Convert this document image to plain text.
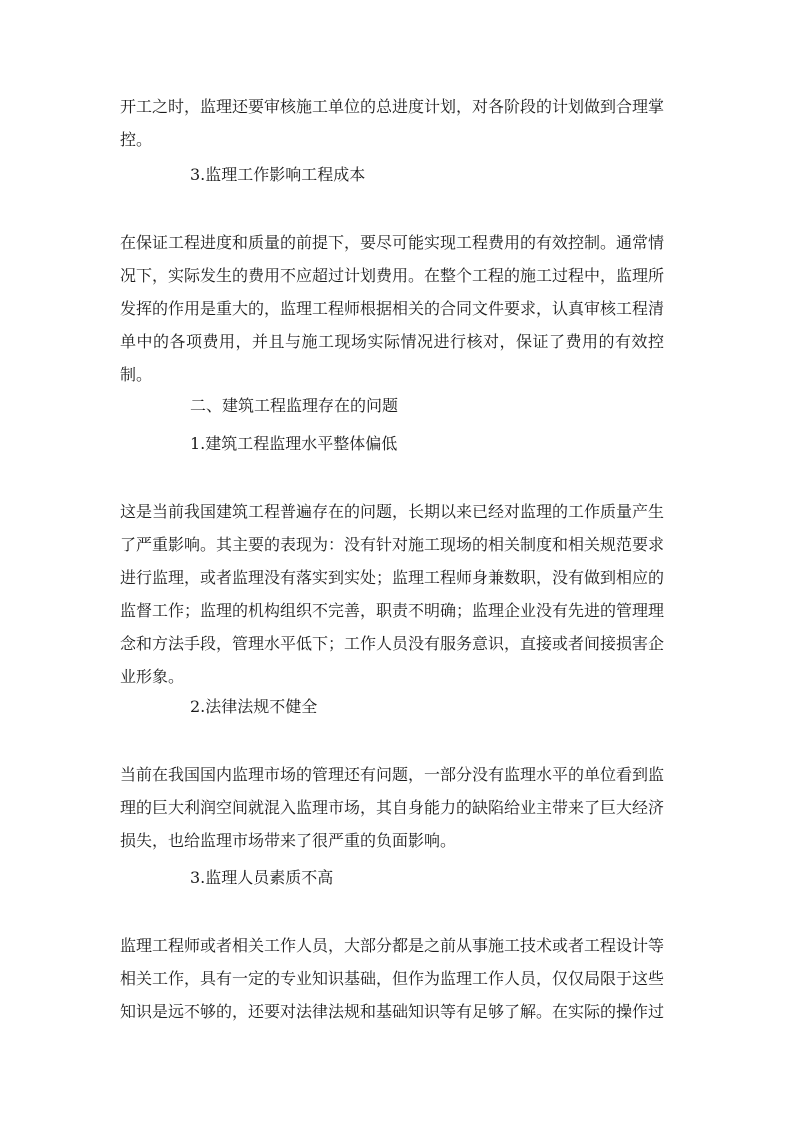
开工之时，监理还要审核施工单位的总进度计划，对各阶段的计划做到合理掌控。
3.监理工作影响工程成本
在保证工程进度和质量的前提下，要尽可能实现工程费用的有效控制。通常情况下，实际发生的费用不应超过计划费用。在整个工程的施工过程中，监理所发挥的作用是重大的，监理工程师根据相关的合同文件要求，认真审核工程清单中的各项费用，并且与施工现场实际情况进行核对，保证了费用的有效控制。
二、建筑工程监理存在的问题
1.建筑工程监理水平整体偏低
这是当前我国建筑工程普遍存在的问题，长期以来已经对监理的工作质量产生了严重影响。其主要的表现为：没有针对施工现场的相关制度和相关规范要求进行监理，或者监理没有落实到实处；监理工程师身兼数职，没有做到相应的监督工作；监理的机构组织不完善，职责不明确；监理企业没有先进的管理理念和方法手段，管理水平低下；工作人员没有服务意识，直接或者间接损害企业形象。
2.法律法规不健全
当前在我国国内监理市场的管理还有问题，一部分没有监理水平的单位看到监理的巨大利润空间就混入监理市场，其自身能力的缺陷给业主带来了巨大经济损失，也给监理市场带来了很严重的负面影响。
3.监理人员素质不高
监理工程师或者相关工作人员，大部分都是之前从事施工技术或者工程设计等相关工作，具有一定的专业知识基础，但作为监理工作人员，仅仅局限于这些知识是远不够的，还要对法律法规和基础知识等有足够了解。在实际的操作过
